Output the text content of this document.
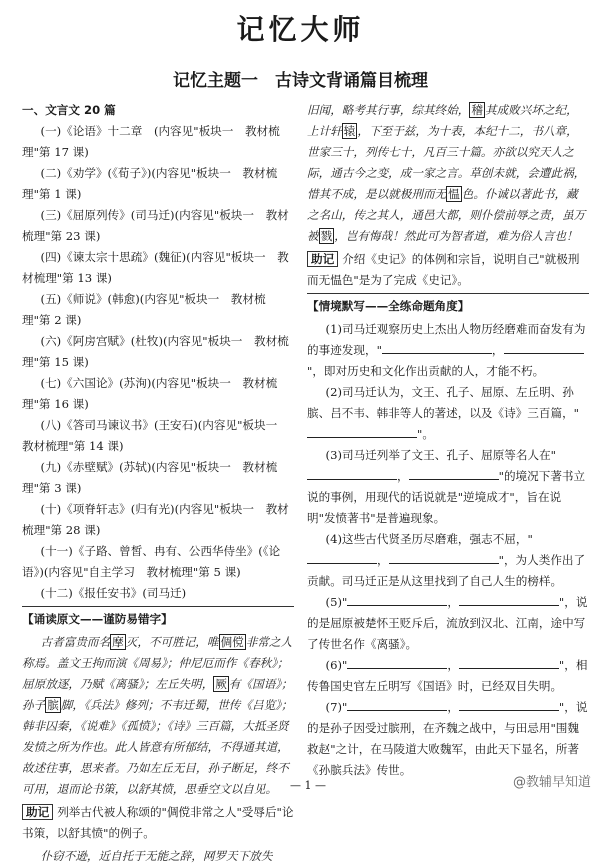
记忆大师
记忆主题一　古诗文背诵篇目梳理

一、文言文 20 篇

(一)《论语》十二章　(内容见"板块一　教材梳理"第 17 课)

(二)《劝学》(《荀子》)(内容见"板块一　教材梳理"第 1 课)

(三)《屈原列传》(司马迁)(内容见"板块一　教材梳理"第 23 课)

(四)《谏太宗十思疏》(魏征)(内容见"板块一　教材梳理"第 13 课)

(五)《师说》(韩愈)(内容见"板块一　教材梳理"第 2 课)

(六)《阿房宫赋》(杜牧)(内容见"板块一　教材梳理"第 15 课)

(七)《六国论》(苏洵)(内容见"板块一　教材梳理"第 16 课)

(八)《答司马谏议书》(王安石)(内容见"板块一　教材梳理"第 14 课)

(九)《赤壁赋》(苏轼)(内容见"板块一　教材梳理"第 3 课)

(十)《项脊轩志》(归有光)(内容见"板块一　教材梳理"第 28 课)

(十一)《子路、曾皙、冉有、公西华侍坐》(《论语》)(内容见"自主学习　教材梳理"第 5 课)

(十二)《报任安书》(司马迁)

【诵读原文——谨防易错字】

古者富贵而名 摩 灭，不可胜记，唯 倜傥 非常之人称焉。盖文王拘而演《周易》；仲尼厄而作《春秋》；屈原放逐，乃赋《离骚》；左丘失明， 厥 有《国语》；孙子 膑 脚，《兵法》修列；不韦迁蜀，世传《吕览》；韩非囚秦，《说难》《孤愤》；《诗》三百篇，大抵圣贤发愤之所为作也。此人皆意有所郁结，不得通其道，故述往事，思来者。乃如左丘无目，孙子断足，终不可用，退而论书策，以舒其愤，思垂空文以自见。

助记 列举古代被人称颂的"倜傥非常之人"受辱后"论书策，以舒其愤"的例子。

仆窃不逊，近自托于无能之辞，网罗天下放失

旧闻，略考其行事，综其终始， 稽 其成败兴坏之纪，上计轩 辕 ，下至于兹，为十表，本纪十二，书八章，世家三十，列传七十，凡百三十篇。亦欲以究天人之际，通古今之变，成一家之言。草创未就，会遭此祸，惜其不成，是以就极刑而无 愠 色。仆诚以著此书，藏之名山，传之其人，通邑大都，则仆偿前辱之责，虽万被 戮 ，岂有悔哉！然此可为智者道，难为俗人言也！

助记 介绍《史记》的体例和宗旨，说明自己"就极刑而无愠色"是为了完成《史记》。

【情境默写——全练命题角度】

(1)司马迁观察历史上杰出人物历经磨难而奋发有为的事迹发现，"	，"，即对历史和文化作出贡献的人，才能不朽。

(2)司马迁认为，文王、孔子、屈原、左丘明、孙膑、吕不韦、韩非等人的著述，以及《诗》三百篇，""。

(3)司马迁列举了文王、孔子、屈原等名人在"，	"的境况下著书立说的事例，用现代的话说就是"逆境成才"，旨在说明"发愤著书"是普遍现象。

(4)这些古代贤圣历尽磨难，强志不屈，"，	"，为人类作出了贡献。司马迁正是从这里找到了自己人生的榜样。

(5)"	，	"，说的是屈原被楚怀王贬斥后，流放到汉北、江南，途中写了传世名作《离骚》。

(6)"	，	"，相传鲁国史官左丘明写《国语》时，已经双目失明。

(7)"	，	"，说的是孙子因受过膑刑，在齐魏之战中，与田忌用"围魏救赵"之计，在马陵道大败魏军，由此天下显名，所著《孙膑兵法》传世。

— 1 —	@教辅早知道
